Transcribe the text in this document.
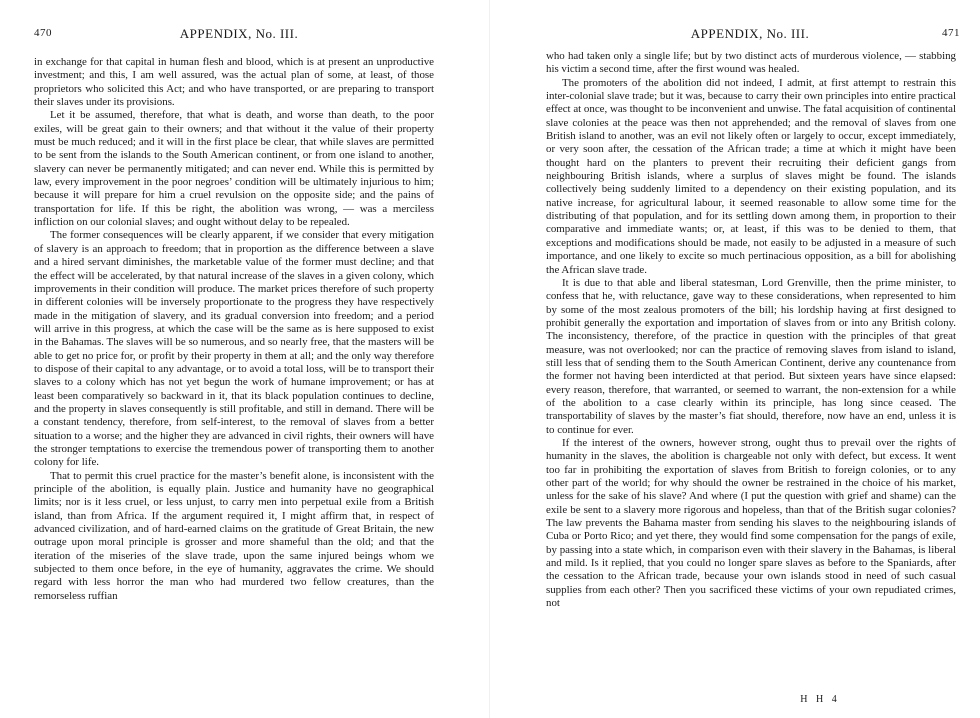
470	APPENDIX, No. III.

in exchange for that capital in human flesh and blood, which is at present an unproductive investment; and this, I am well assured, was the actual plan of some, at least, of those proprietors who solicited this Act; and who have transported, or are preparing to transport their slaves under its provisions.

Let it be assumed, therefore, that what is death, and worse than death, to the poor exiles, will be great gain to their owners; and that without it the value of their property must be much reduced; and it will in the first place be clear, that while slaves are permitted to be sent from the islands to the South American continent, or from one island to another, slavery can never be permanently mitigated; and can never end. While this is permitted by law, every improvement in the poor negroes’ condition will be ultimately injurious to him; because it will prepare for him a cruel revulsion on the opposite side; and the pains of transportation for life. If this be right, the abolition was wrong, — was a merciless infliction on our colonial slaves; and ought without delay to be repealed.

The former consequences will be clearly apparent, if we consider that every mitigation of slavery is an approach to freedom; that in proportion as the difference between a slave and a hired servant diminishes, the marketable value of the former must decline; and that the effect will be accelerated, by that natural increase of the slaves in a given colony, which improvements in their condition will produce. The market prices therefore of such property in different colonies will be inversely proportionate to the progress they have respectively made in the mitigation of slavery, and its gradual conversion into freedom; and a period will arrive in this progress, at which the case will be the same as is here supposed to exist in the Bahamas. The slaves will be so numerous, and so nearly free, that the masters will be able to get no price for, or profit by their property in them at all; and the only way therefore to dispose of their capital to any advantage, or to avoid a total loss, will be to transport their slaves to a colony which has not yet begun the work of humane improvement; or has at least been comparatively so backward in it, that its black population continues to decline, and the property in slaves consequently is still profitable, and still in demand. There will be a constant tendency, therefore, from self-interest, to the removal of slaves from a better situation to a worse; and the higher they are advanced in civil rights, their owners will have the stronger temptations to exercise the tremendous power of transporting them to another colony for life.

That to permit this cruel practice for the master’s benefit alone, is inconsistent with the principle of the abolition, is equally plain. Justice and humanity have no geographical limits; nor is it less cruel, or less unjust, to carry men into perpetual exile from a British island, than from Africa. If the argument required it, I might affirm that, in respect of advanced civilization, and of hard-earned claims on the gratitude of Great Britain, the new outrage upon moral principle is grosser and more shameful than the old; and that the iteration of the miseries of the slave trade, upon the same injured beings whom we subjected to them once before, in the eye of humanity, aggravates the crime. We should regard with less horror the man who had murdered two fellow creatures, than the remorseless ruffian

APPENDIX, No. III.	471

who had taken only a single life; but by two distinct acts of murderous violence, — stabbing his victim a second time, after the first wound was healed.

The promoters of the abolition did not indeed, I admit, at first attempt to restrain this inter-colonial slave trade; but it was, because to carry their own principles into entire practical effect at once, was thought to be inconvenient and unwise. The fatal acquisition of continental slave colonies at the peace was then not apprehended; and the removal of slaves from one British island to another, was an evil not likely often or largely to occur, except immediately, or very soon after, the cessation of the African trade; a time at which it might have been thought hard on the planters to prevent their recruiting their deficient gangs from neighbouring British islands, where a surplus of slaves might be found. The islands collectively being suddenly limited to a dependency on their existing population, and its native increase, for agricultural labour, it seemed reasonable to allow some time for the distributing of that population, and for its settling down among them, in proportion to their comparative and immediate wants; or, at least, if this was to be denied to them, that exceptions and modifications should be made, not easily to be adjusted in a measure of such importance, and one likely to excite so much pertinacious opposition, as a bill for abolishing the African slave trade.

It is due to that able and liberal statesman, Lord Grenville, then the prime minister, to confess that he, with reluctance, gave way to these considerations, when represented to him by some of the most zealous promoters of the bill; his lordship having at first designed to prohibit generally the exportation and importation of slaves from or into any British colony. The inconsistency, therefore, of the practice in question with the principles of that great measure, was not overlooked; nor can the practice of removing slaves from island to island, still less that of sending them to the South American Continent, derive any countenance from the former not having been interdicted at that period. But sixteen years have since elapsed: every reason, therefore, that warranted, or seemed to warrant, the non-extension for a while of the abolition to a case clearly within its principle, has long since ceased. The transportability of slaves by the master’s fiat should, therefore, now have an end, unless it is to continue for ever.

If the interest of the owners, however strong, ought thus to prevail over the rights of humanity in the slaves, the abolition is chargeable not only with defect, but excess. It went too far in prohibiting the exportation of slaves from British to foreign colonies, or to any other part of the world; for why should the owner be restrained in the choice of his market, unless for the sake of his slave? And where (I put the question with grief and shame) can the exile be sent to a slavery more rigorous and hopeless, than that of the British sugar colonies? The law prevents the Bahama master from sending his slaves to the neighbouring islands of Cuba or Porto Rico; and yet there, they would find some compensation for the pangs of exile, by passing into a state which, in comparison even with their slavery in the Bahamas, is liberal and mild. Is it replied, that you could no longer spare slaves as before to the Spaniards, after the cessation to the African trade, because your own islands stood in need of such casual supplies from each other? Then you sacrificed these victims of your own repudiated crimes, not

H H 4
